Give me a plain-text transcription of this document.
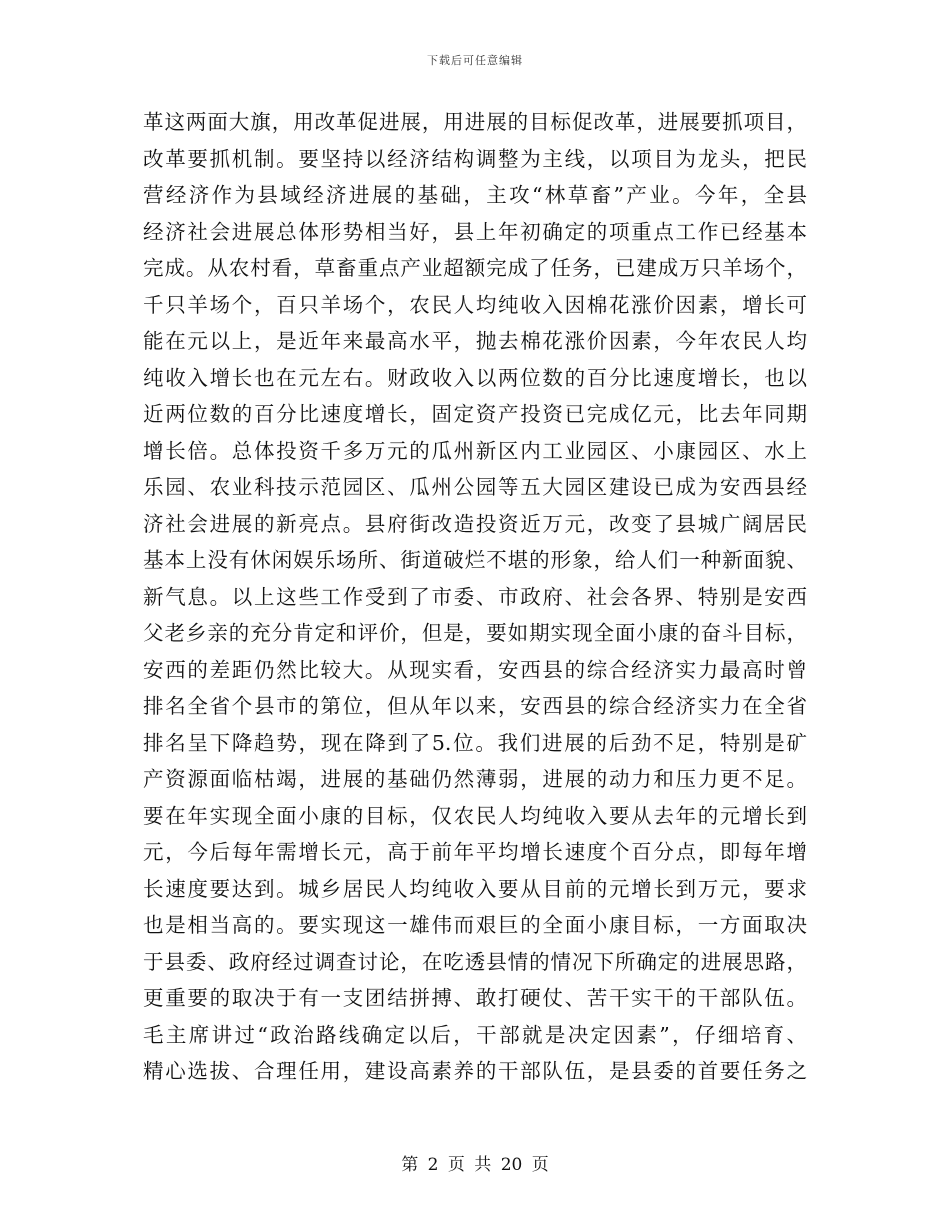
下载后可任意编辑
革这两面大旗，用改革促进展，用进展的目标促改革，进展要抓项目，
改革要抓机制。要坚持以经济结构调整为主线，以项目为龙头，把民
营经济作为县域经济进展的基础，主攻“林草畜”产业。今年，全县
经济社会进展总体形势相当好，县上年初确定的项重点工作已经基本
完成。从农村看，草畜重点产业超额完成了任务，已建成万只羊场个，
千只羊场个，百只羊场个，农民人均纯收入因棉花涨价因素，增长可
能在元以上，是近年来最高水平，抛去棉花涨价因素，今年农民人均
纯收入增长也在元左右。财政收入以两位数的百分比速度增长，也以
近两位数的百分比速度增长，固定资产投资已完成亿元，比去年同期
增长倍。总体投资千多万元的瓜州新区内工业园区、小康园区、水上
乐园、农业科技示范园区、瓜州公园等五大园区建设已成为安西县经
济社会进展的新亮点。县府街改造投资近万元，改变了县城广阔居民
基本上没有休闲娱乐场所、街道破烂不堪的形象，给人们一种新面貌、
新气息。以上这些工作受到了市委、市政府、社会各界、特别是安西
父老乡亲的充分肯定和评价，但是，要如期实现全面小康的奋斗目标，
安西的差距仍然比较大。从现实看，安西县的综合经济实力最高时曾
排名全省个县市的第位，但从年以来，安西县的综合经济实力在全省
排名呈下降趋势，现在降到了5.位。我们进展的后劲不足，特别是矿
产资源面临枯竭，进展的基础仍然薄弱，进展的动力和压力更不足。
要在年实现全面小康的目标，仅农民人均纯收入要从去年的元增长到
元，今后每年需增长元，高于前年平均增长速度个百分点，即每年增
长速度要达到。城乡居民人均纯收入要从目前的元增长到万元，要求
也是相当高的。要实现这一雄伟而艰巨的全面小康目标，一方面取决
于县委、政府经过调查讨论，在吃透县情的情况下所确定的进展思路，
更重要的取决于有一支团结拼搏、敢打硬仗、苦干实干的干部队伍。
毛主席讲过“政治路线确定以后，干部就是决定因素”，仔细培育、
精心选拔、合理任用，建设高素养的干部队伍，是县委的首要任务之
第 2 页 共 20 页
